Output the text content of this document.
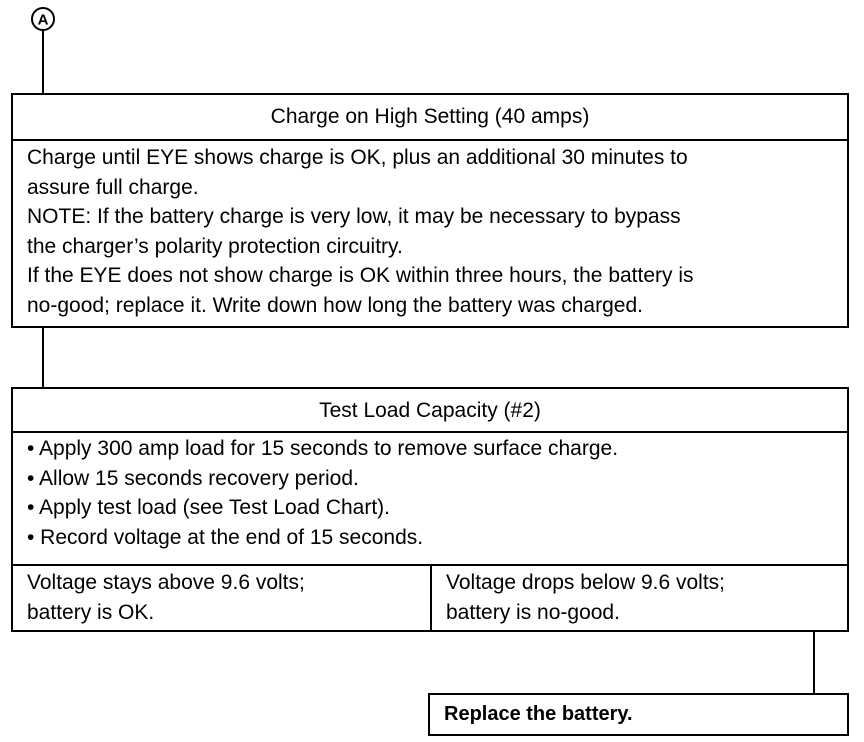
A
Charge on High Setting (40 amps)
Charge until EYE shows charge is OK, plus an additional 30 minutes to
assure full charge.
NOTE: If the battery charge is very low, it may be necessary to bypass
the charger’s polarity protection circuitry.
If the EYE does not show charge is OK within three hours, the battery is
no-good; replace it. Write down how long the battery was charged.
Test Load Capacity (#2)
• Apply 300 amp load for 15 seconds to remove surface charge.
• Allow 15 seconds recovery period.
• Apply test load (see Test Load Chart).
• Record voltage at the end of 15 seconds.
Voltage stays above 9.6 volts;
battery is OK.
Voltage drops below 9.6 volts;
battery is no-good.
Replace the battery.
